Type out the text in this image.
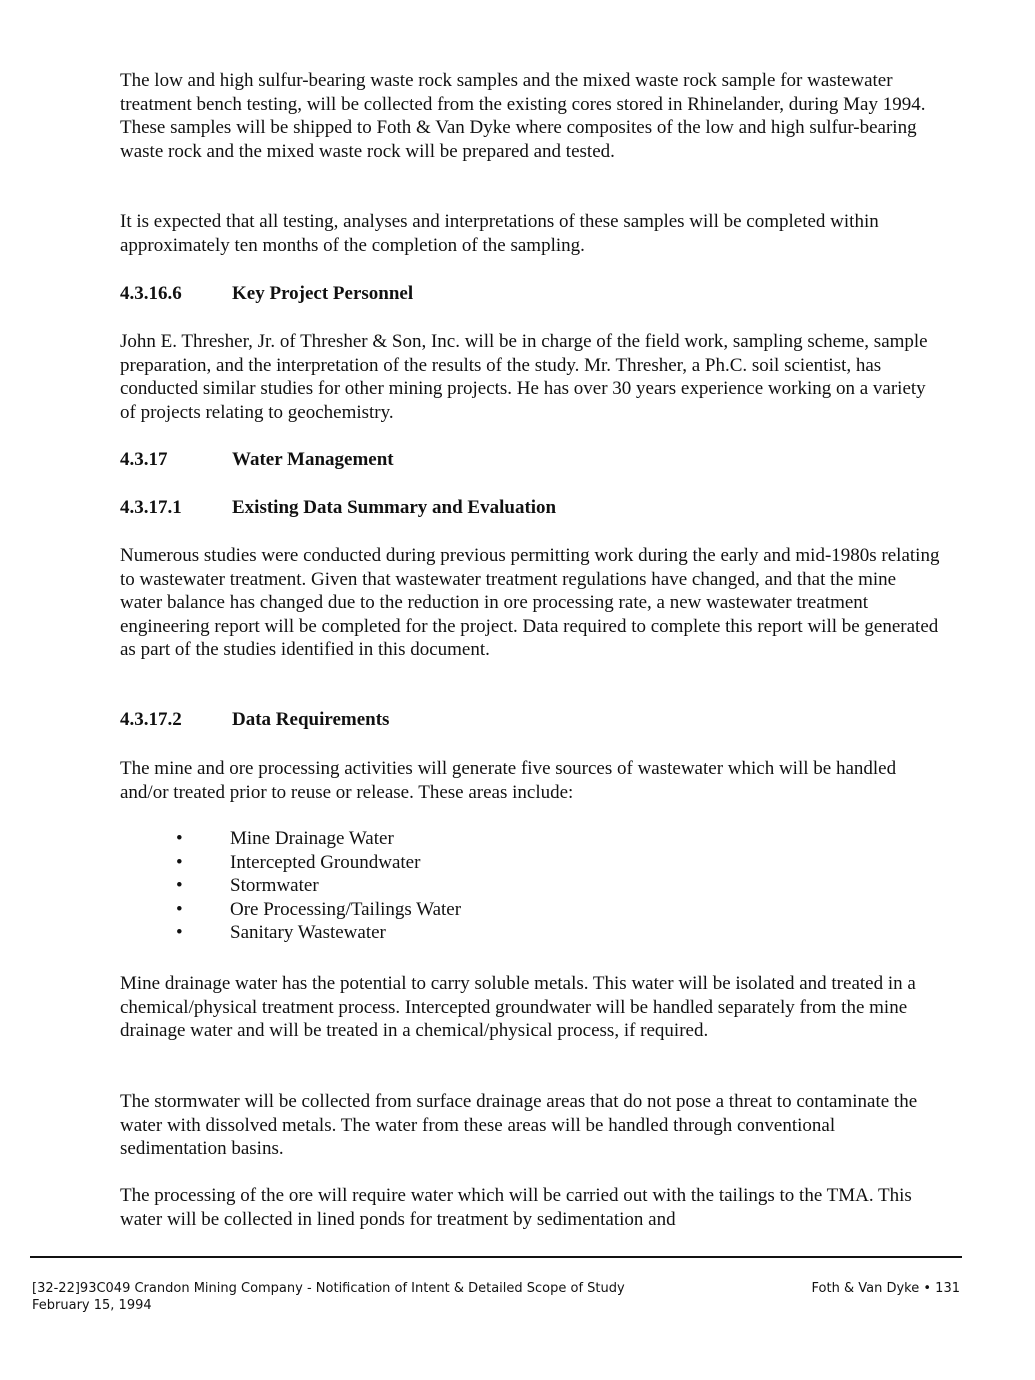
The low and high sulfur-bearing waste rock samples and the mixed waste rock sample for wastewater treatment bench testing, will be collected from the existing cores stored in Rhinelander, during May 1994. These samples will be shipped to Foth & Van Dyke where composites of the low and high sulfur-bearing waste rock and the mixed waste rock will be prepared and tested.

It is expected that all testing, analyses and interpretations of these samples will be completed within approximately ten months of the completion of the sampling.

4.3.16.6	Key Project Personnel

John E. Thresher, Jr. of Thresher & Son, Inc. will be in charge of the field work, sampling scheme, sample preparation, and the interpretation of the results of the study. Mr. Thresher, a Ph.C. soil scientist, has conducted similar studies for other mining projects. He has over 30 years experience working on a variety of projects relating to geochemistry.

4.3.17	Water Management
4.3.17.1	Existing Data Summary and Evaluation

Numerous studies were conducted during previous permitting work during the early and mid-1980s relating to wastewater treatment. Given that wastewater treatment regulations have changed, and that the mine water balance has changed due to the reduction in ore processing rate, a new wastewater treatment engineering report will be completed for the project. Data required to complete this report will be generated as part of the studies identified in this document.

4.3.17.2	Data Requirements

The mine and ore processing activities will generate five sources of wastewater which will be handled and/or treated prior to reuse or release. These areas include:

• Mine Drainage Water
• Intercepted Groundwater
• Stormwater
• Ore Processing/Tailings Water
• Sanitary Wastewater

Mine drainage water has the potential to carry soluble metals. This water will be isolated and treated in a chemical/physical treatment process. Intercepted groundwater will be handled separately from the mine drainage water and will be treated in a chemical/physical process, if required.

The stormwater will be collected from surface drainage areas that do not pose a threat to contaminate the water with dissolved metals. The water from these areas will be handled through conventional sedimentation basins.

The processing of the ore will require water which will be carried out with the tailings to the TMA. This water will be collected in lined ponds for treatment by sedimentation and

[32-22]93C049 Crandon Mining Company - Notification of Intent & Detailed Scope of Study
February 15, 1994
Foth & Van Dyke • 131
